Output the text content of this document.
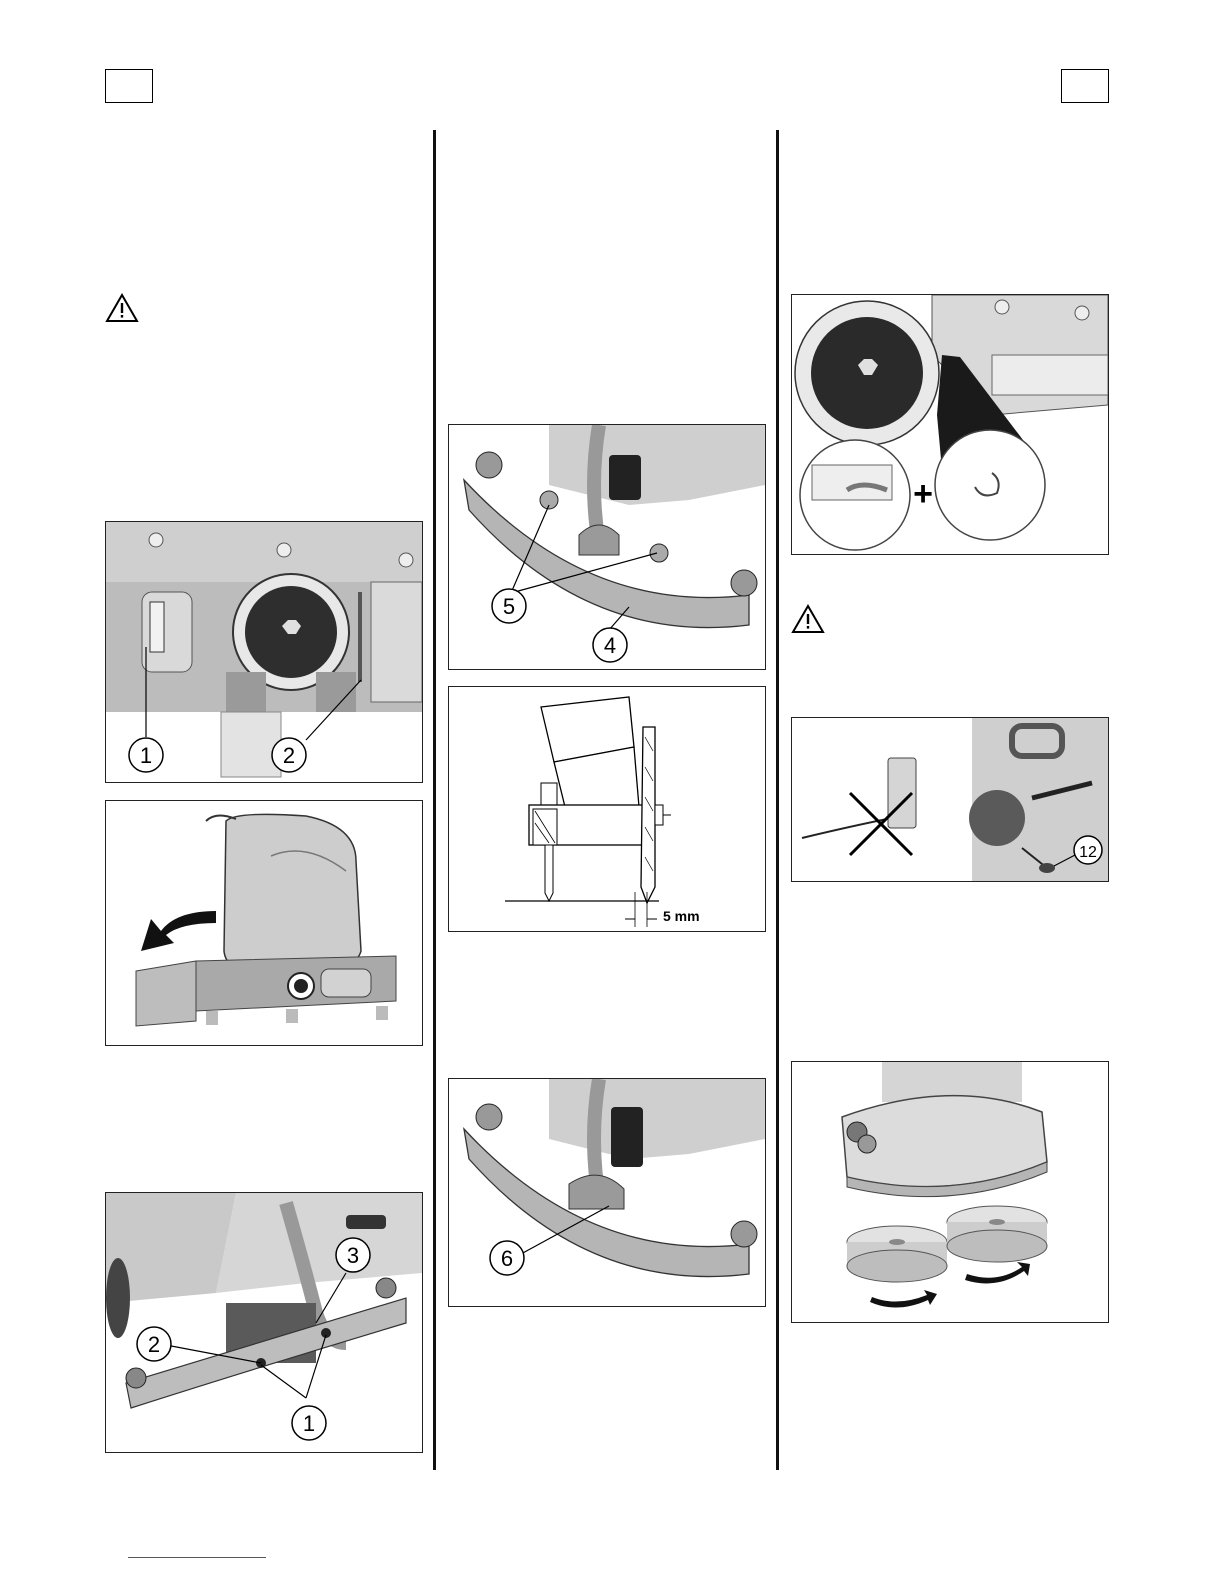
1	2
2
3
1
5
4
5 mm
6
+
12
